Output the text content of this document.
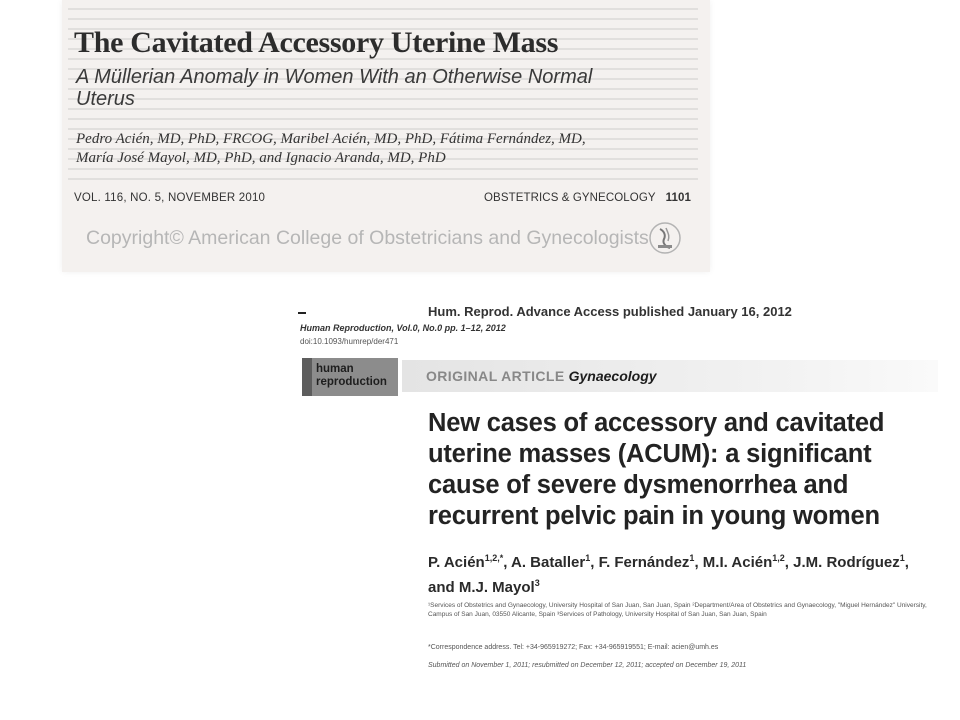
The Cavitated Accessory Uterine Mass
A Müllerian Anomaly in Women With an Otherwise Normal Uterus
Pedro Acién, MD, PhD, FRCOG, Maribel Acién, MD, PhD, Fátima Fernández, MD,
María José Mayol, MD, PhD, and Ignacio Aranda, MD, PhD
VOL. 116, NO. 5, NOVEMBER 2010	OBSTETRICS & GYNECOLOGY 1101
Copyright© American College of Obstetricians and Gynecologists
Hum. Reprod. Advance Access published January 16, 2012
Human Reproduction, Vol.0, No.0 pp. 1–12, 2012
doi:10.1093/humrep/der471
human
reproduction	ORIGINAL ARTICLE Gynaecology
New cases of accessory and cavitated uterine masses (ACUM): a significant cause of severe dysmenorrhea and recurrent pelvic pain in young women
P. Acién$^{1,2,*}$, A. Bataller$^1$, F. Fernández$^1$, M.I. Acién$^{1,2}$, J.M. Rodríguez$^1$, and M.J. Mayol$^3$
¹Services of Obstetrics and Gynaecology, University Hospital of San Juan, San Juan, Spain ²Department/Area of Obstetrics and Gynaecology, "Miguel Hernández" University, Campus of San Juan, 03550 Alicante, Spain ³Services of Pathology, University Hospital of San Juan, San Juan, Spain
*Correspondence address. Tel: +34-965919272; Fax: +34-965919551; E-mail: acien@umh.es
Submitted on November 1, 2011; resubmitted on December 12, 2011; accepted on December 19, 2011
